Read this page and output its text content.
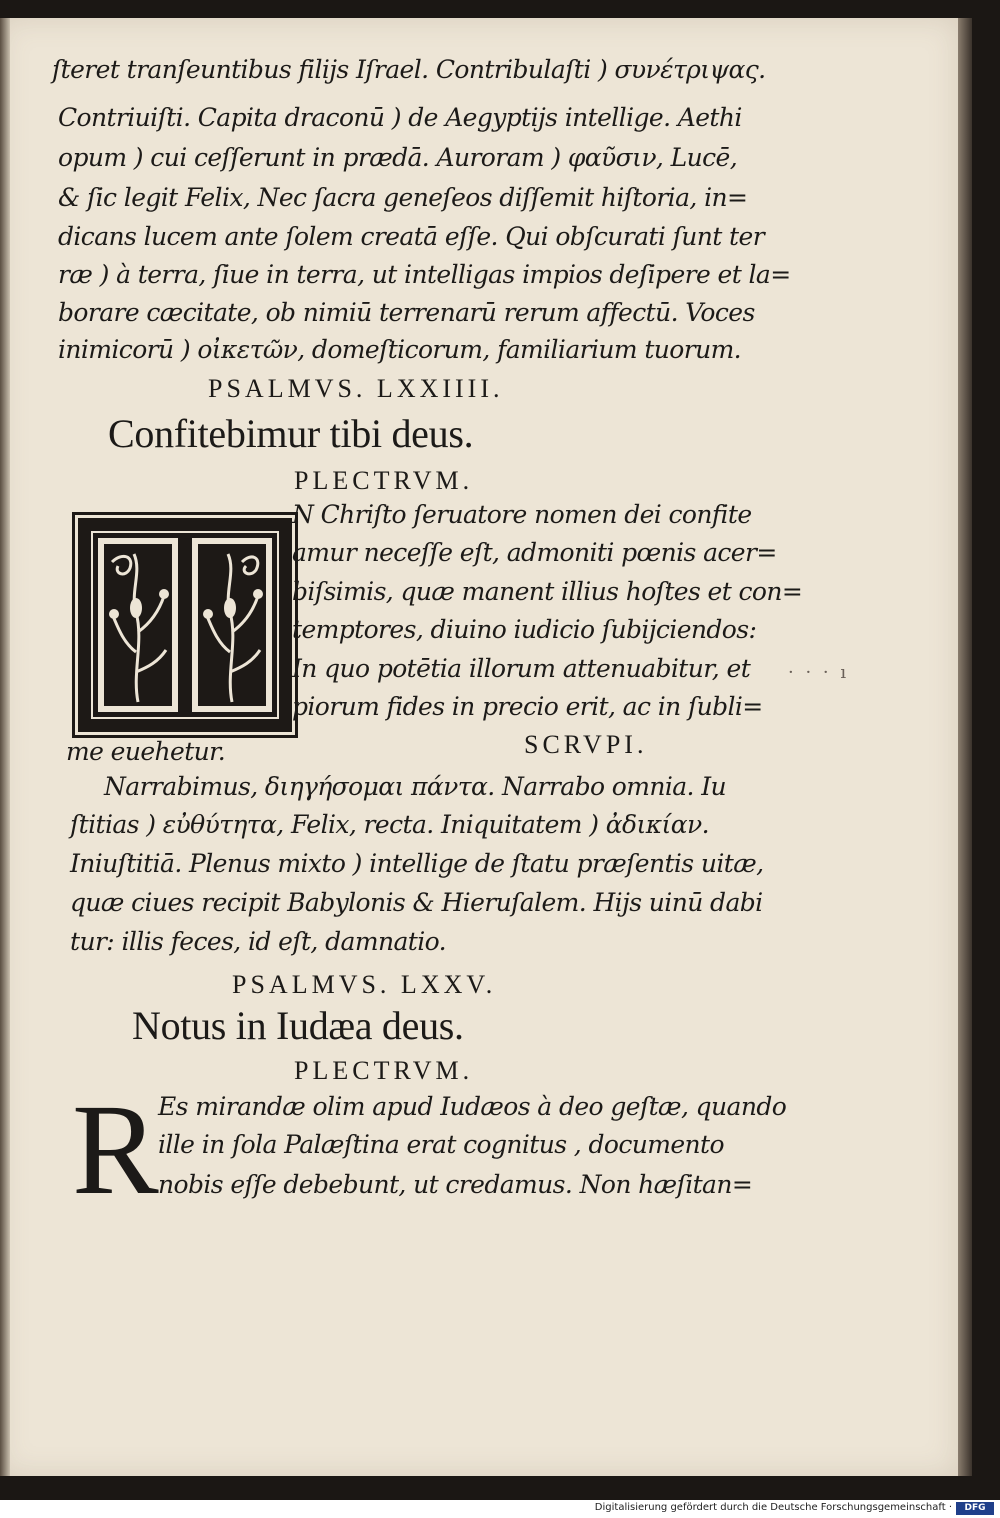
ſteret tranſeuntibus filijs Iſrael. Contribulaſti ) συνέτριψας.
Contriuiſti. Capita draconū ) de Aegyptijs intellige. Aethi
opum ) cui ceſſerunt in prædā. Auroram ) φαῦσιν, Lucē,
& ſic legit Felix, Nec ſacra geneſeos diſſemit hiſtoria, in=
dicans lucem ante ſolem creatā eſſe. Qui obſcurati ſunt ter
ræ ) à terra, ſiue in terra, ut intelligas impios deſipere et la=
borare cæcitate, ob nimiū terrenarū rerum affectū. Voces
inimicorū ) οἰκετῶν, domeſticorum, familiarium tuorum.
PSALMVS. LXXIIII.
Confitebimur tibi deus.
PLECTRVM.
N Chriſto ſeruatore nomen dei confite
amur neceſſe eſt, admoniti pœnis acer=
biſsimis, quæ manent illius hoſtes et con=
temptores, diuino iudicio ſubijciendos:
In quo potētia illorum attenuabitur, et
piorum fides in precio erit, ac in ſubli=
· · · ı
me euehetur.	SCRVPI.
Narrabimus, διηγήσομαι πάντα. Narrabo omnia. Iu
ſtitias ) εὐθύτητα, Felix, recta. Iniquitatem ) ἀδικίαν.
Iniuſtitiā. Plenus mixto ) intellige de ſtatu præſentis uitæ,
quæ ciues recipit Babylonis & Hieruſalem. Hijs uinū dabi
tur: illis feces, id eſt, damnatio.
PSALMVS. LXXV.
Notus in Iudæa deus.
PLECTRVM.
R Es mirandæ olim apud Iudæos à deo geſtæ, quando
ille in ſola Palæſtina erat cognitus , documento
nobis eſſe debebunt, ut credamus. Non hæſitan=
Digitalisierung gefördert durch die Deutsche Forschungsgemeinschaft ·	DFG
